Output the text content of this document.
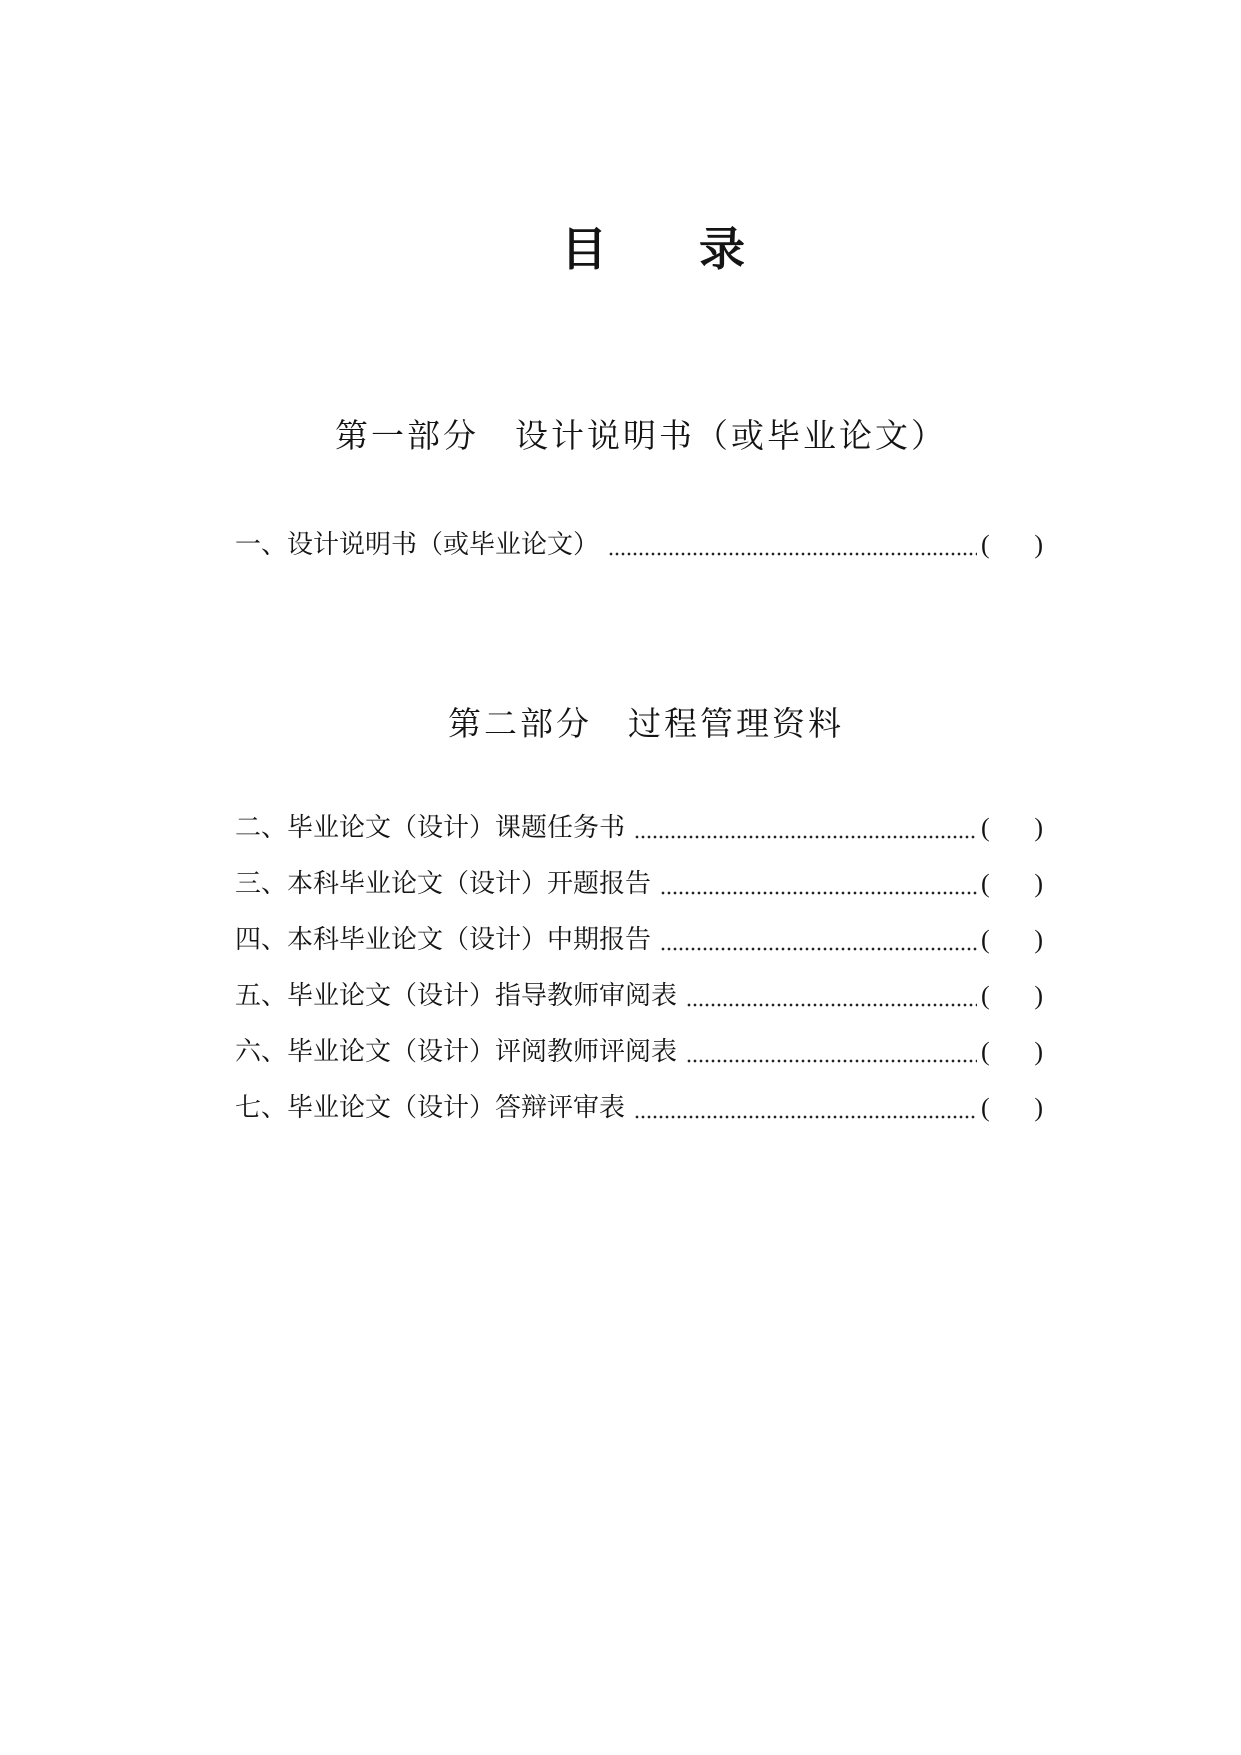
目　　录
第一部分　设计说明书（或毕业论文）
一、设计说明书（或毕业论文）	( )
第二部分　过程管理资料
二、毕业论文（设计）课题任务书	( )
三、本科毕业论文（设计）开题报告	( )
四、本科毕业论文（设计）中期报告	( )
五、毕业论文（设计）指导教师审阅表	( )
六、毕业论文（设计）评阅教师评阅表	( )
七、毕业论文（设计）答辩评审表	( )
